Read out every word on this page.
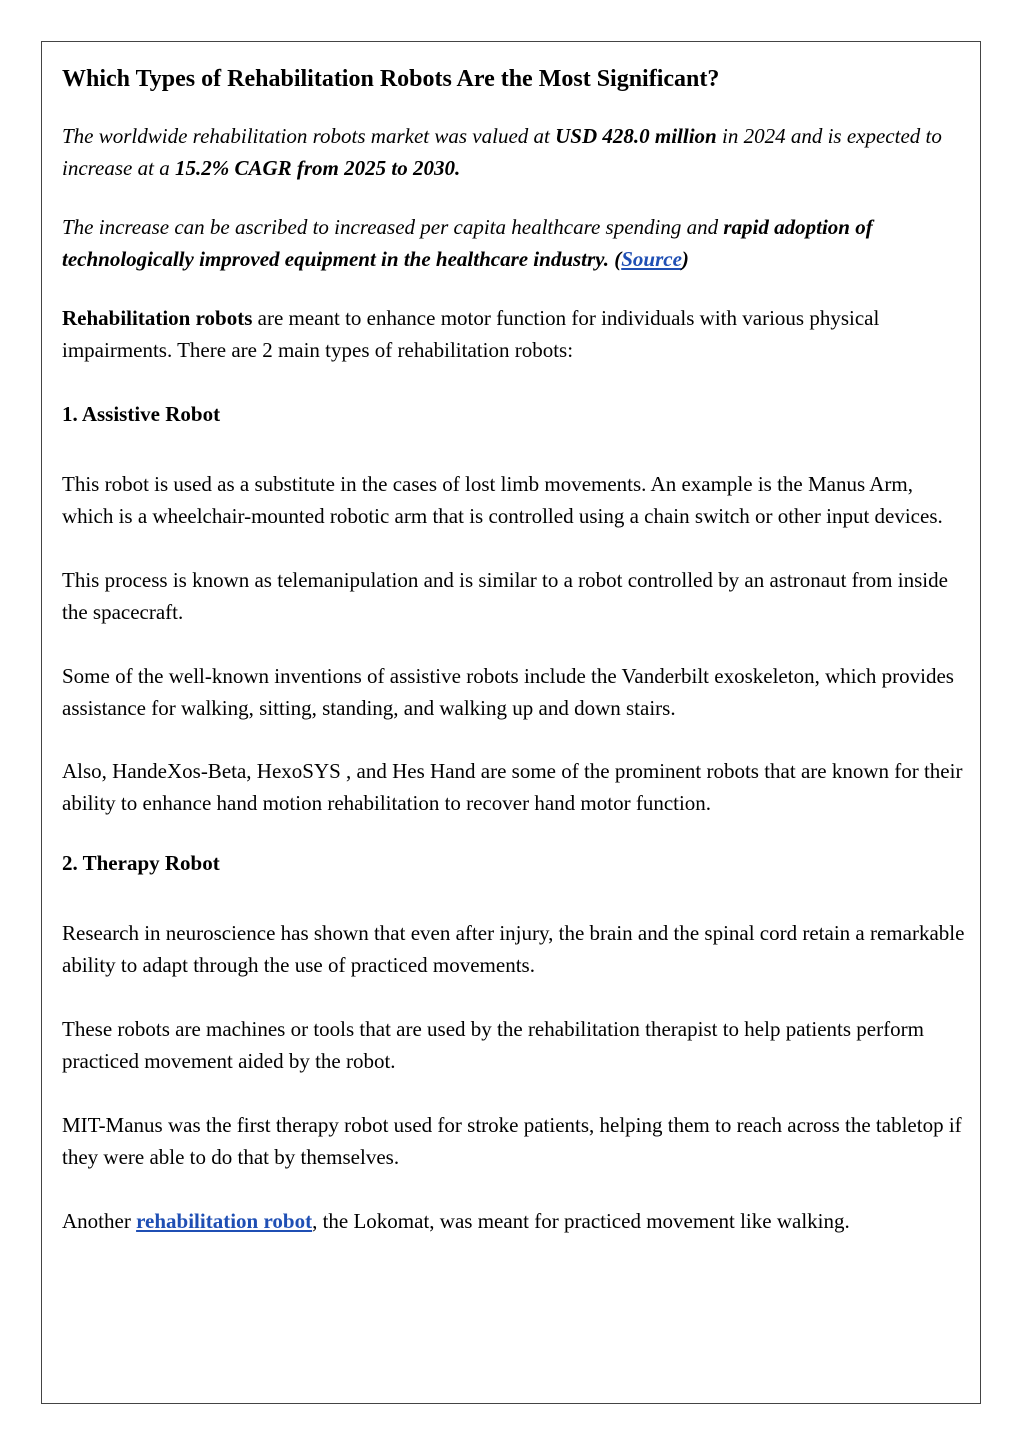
Which Types of Rehabilitation Robots Are the Most Significant?

The worldwide rehabilitation robots market was valued at USD 428.0 million in 2024 and is expected to increase at a 15.2% CAGR from 2025 to 2030.

The increase can be ascribed to increased per capita healthcare spending and rapid adoption of technologically improved equipment in the healthcare industry. (Source)

Rehabilitation robots are meant to enhance motor function for individuals with various physical impairments. There are 2 main types of rehabilitation robots:

1. Assistive Robot

This robot is used as a substitute in the cases of lost limb movements. An example is the Manus Arm, which is a wheelchair-mounted robotic arm that is controlled using a chain switch or other input devices.

This process is known as telemanipulation and is similar to a robot controlled by an astronaut from inside the spacecraft.

Some of the well-known inventions of assistive robots include the Vanderbilt exoskeleton, which provides assistance for walking, sitting, standing, and walking up and down stairs.

Also, HandeXos-Beta, HexoSYS , and Hes Hand are some of the prominent robots that are known for their ability to enhance hand motion rehabilitation to recover hand motor function.

2. Therapy Robot

Research in neuroscience has shown that even after injury, the brain and the spinal cord retain a remarkable ability to adapt through the use of practiced movements.

These robots are machines or tools that are used by the rehabilitation therapist to help patients perform practiced movement aided by the robot.

MIT-Manus was the first therapy robot used for stroke patients, helping them to reach across the tabletop if they were able to do that by themselves.

Another rehabilitation robot, the Lokomat, was meant for practiced movement like walking.
